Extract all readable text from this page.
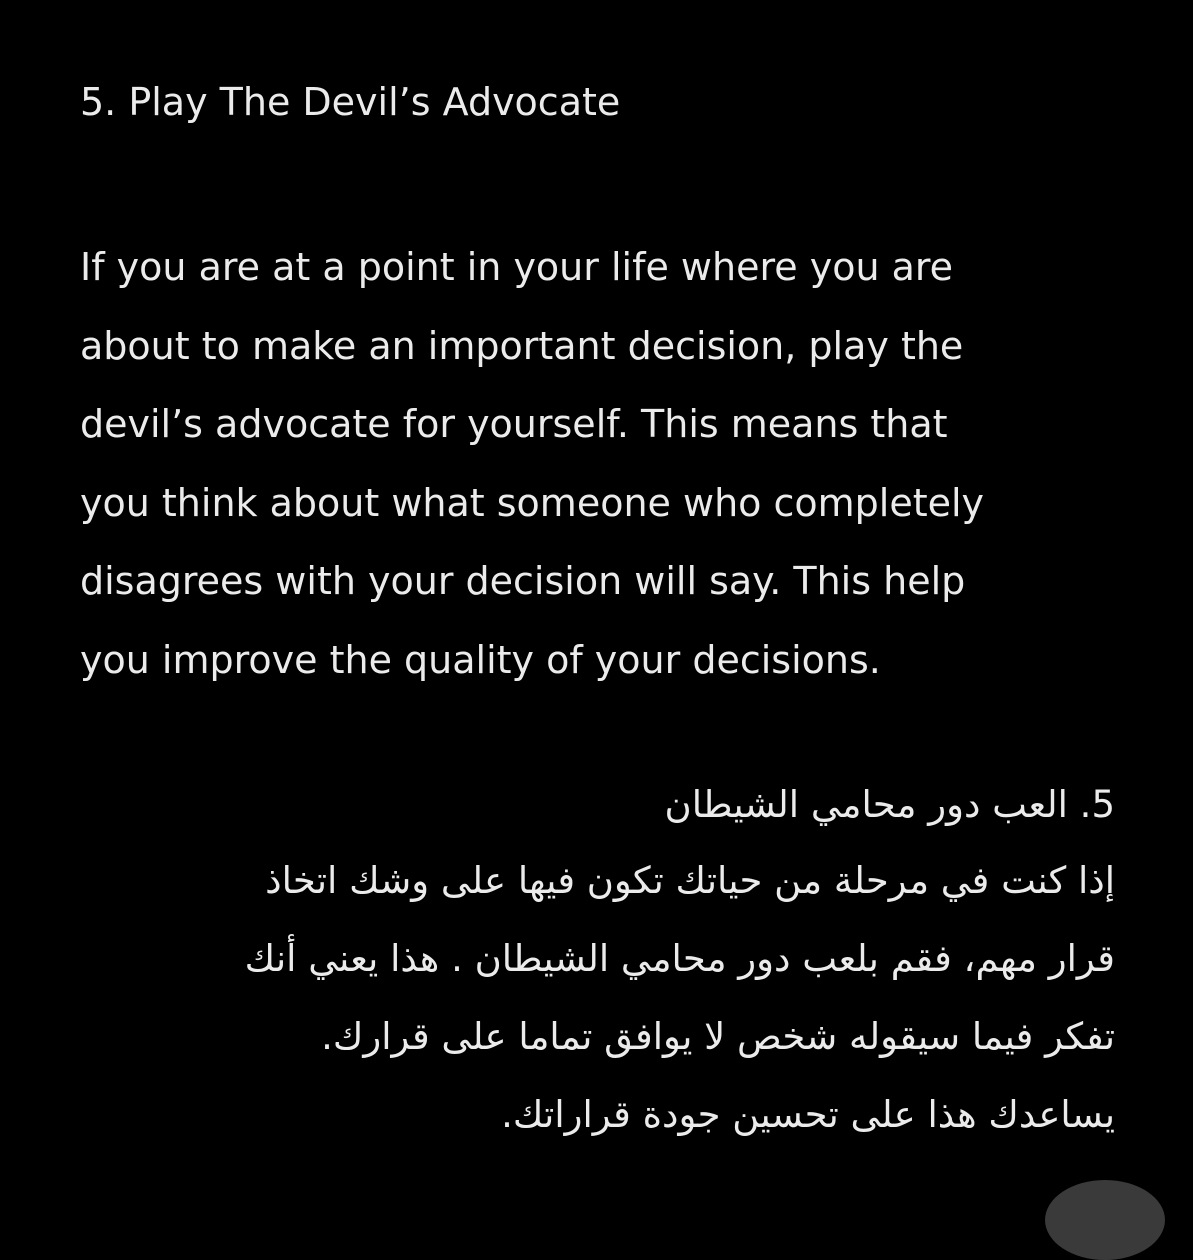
5. Play The Devil’s Advocate
If you are at a point in your life where you are
about to make an important decision, play the
devil’s advocate for yourself. This means that
you think about what someone who completely
disagrees with your decision will say. This help
you improve the quality of your decisions.
5. العب دور محامي الشيطان
إذا كنت في مرحلة من حياتك تكون فيها على وشك اتخاذ
قرار مهم، فقم بلعب دور محامي الشيطان . هذا يعني أنك
تفكر فيما سيقوله شخص لا يوافق تماما على قرارك.
يساعدك هذا على تحسين جودة قراراتك.
